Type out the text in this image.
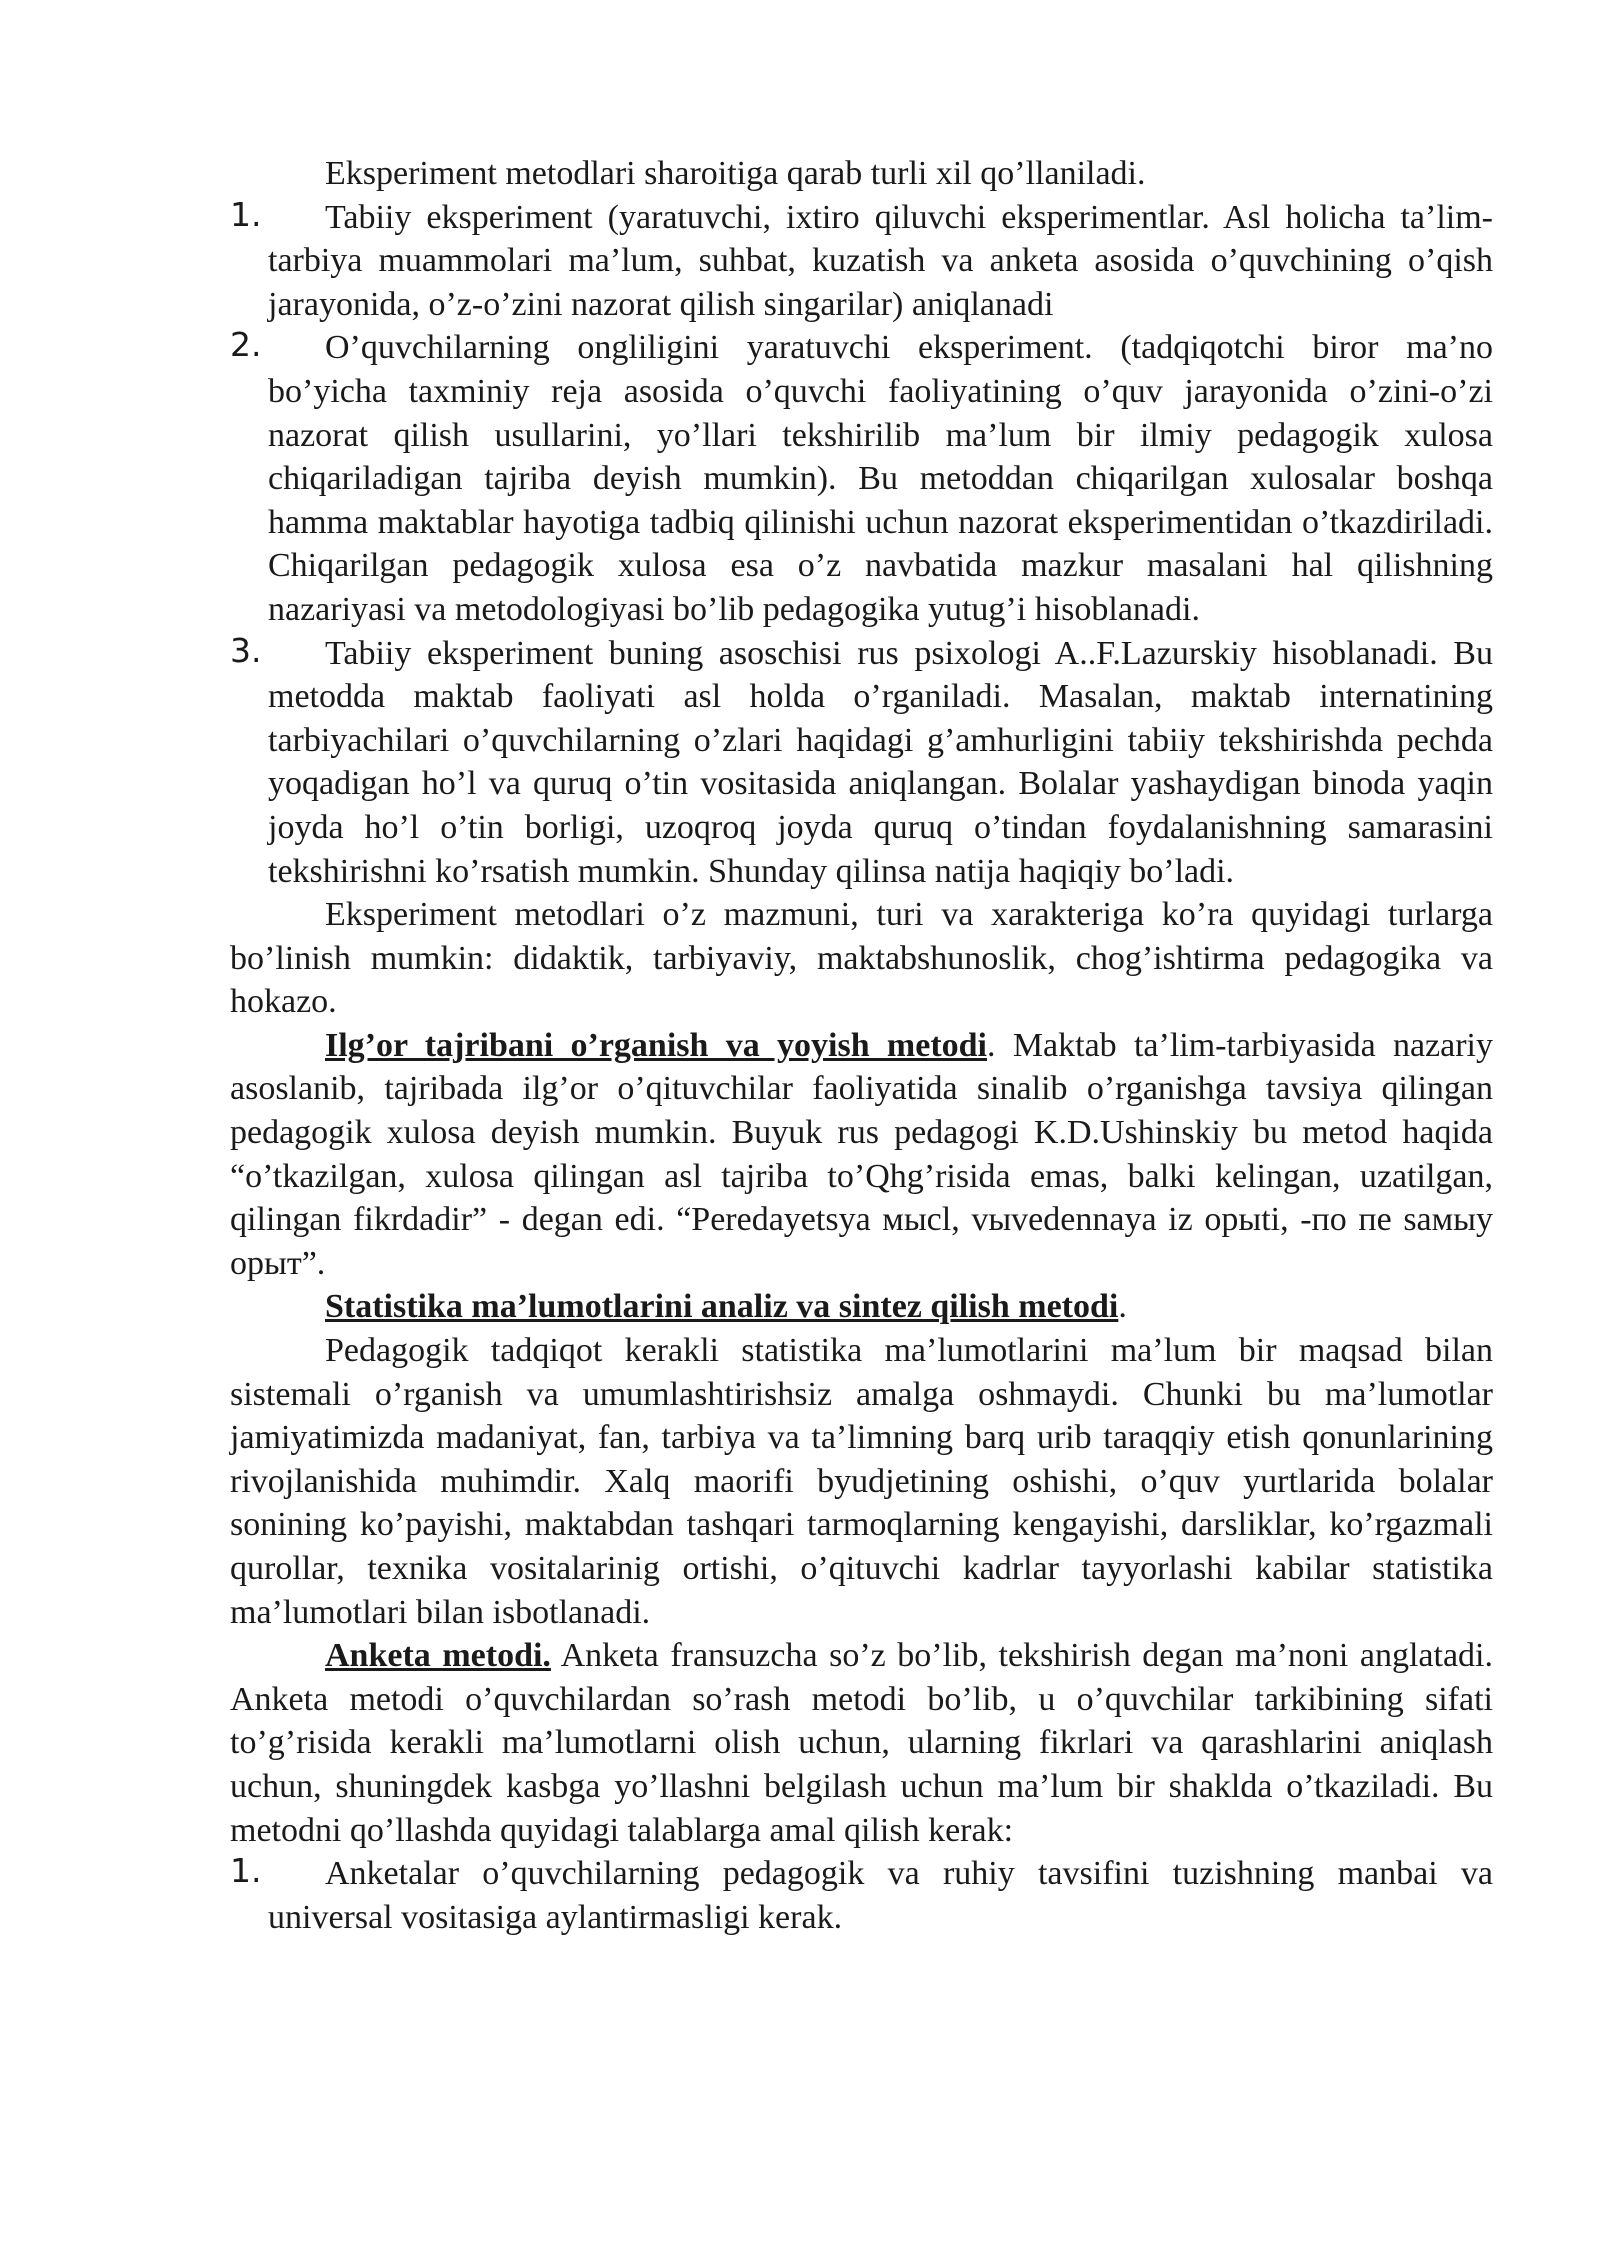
Eksperiment metodlari sharoitiga qarab turli xil qo’llaniladi.

1.	Tabiiy eksperiment (yaratuvchi, ixtiro qiluvchi eksperimentlar. Asl holicha ta’lim-tarbiya muammolari ma’lum, suhbat, kuzatish va anketa asosida o’quvchining o’qish jarayonida, o’z-o’zini nazorat qilish singarilar) aniqlanadi

2.	O’quvchilarning ongliligini yaratuvchi eksperiment. (tadqiqotchi biror ma’no bo’yicha taxminiy reja asosida o’quvchi faoliyatining o’quv jarayonida o’zini-o’zi nazorat qilish usullarini, yo’llari tekshirilib ma’lum bir ilmiy pedagogik xulosa chiqariladigan tajriba deyish mumkin). Bu metoddan chiqarilgan xulosalar boshqa hamma maktablar hayotiga tadbiq qilinishi uchun nazorat eksperimentidan o’tkazdiriladi. Chiqarilgan pedagogik xulosa esa o’z navbatida mazkur masalani hal qilishning nazariyasi va metodologiyasi bo’lib pedagogika yutug’i hisoblanadi.

3.	Tabiiy eksperiment buning asoschisi rus psixologi A..F.Lazurskiy hisoblanadi. Bu metodda maktab faoliyati asl holda o’rganiladi. Masalan, maktab internatining tarbiyachilari o’quvchilarning o’zlari haqidagi g’amhurligini tabiiy tekshirishda pechda yoqadigan ho’l va quruq o’tin vositasida aniqlangan. Bolalar yashaydigan binoda yaqin joyda ho’l o’tin borligi, uzoqroq joyda quruq o’tindan foydalanishning samarasini tekshirishni ko’rsatish mumkin. Shunday qilinsa natija haqiqiy bo’ladi.

Eksperiment metodlari o’z mazmuni, turi va xarakteriga ko’ra quyidagi turlarga bo’linish mumkin: didaktik, tarbiyaviy, maktabshunoslik, chog’ishtirma pedagogika va hokazo.

Ilg’or tajribani o’rganish va yoyish metodi. Maktab ta’lim-tarbiyasida nazariy asoslanib, tajribada ilg’or o’qituvchilar faoliyatida sinalib o’rganishga tavsiya qilingan pedagogik xulosa deyish mumkin. Buyuk rus pedagogi K.D.Ushinskiy bu metod haqida “o’tkazilgan, xulosa qilingan asl tajriba to’Qhg’risida emas, balki kelingan, uzatilgan, qilingan fikrdadir” - degan edi. “Peredayetsya мысl, vыvedennaya iz орыti, -по пе saмыу орыт”.

Statistika ma’lumotlarini analiz va sintez qilish metodi.

Pedagogik tadqiqot kerakli statistika ma’lumotlarini ma’lum bir maqsad bilan sistemali o’rganish va umumlashtirishsiz amalga oshmaydi. Chunki bu ma’lumotlar jamiyatimizda madaniyat, fan, tarbiya va ta’limning barq urib taraqqiy etish qonunlarining rivojlanishida muhimdir. Xalq maorifi byudjetining oshishi, o’quv yurtlarida bolalar sonining ko’payishi, maktabdan tashqari tarmoqlarning kengayishi, darsliklar, ko’rgazmali qurollar, texnika vositalarinig ortishi, o’qituvchi kadrlar tayyorlashi kabilar statistika ma’lumotlari bilan isbotlanadi.

Anketa metodi. Anketa fransuzcha so’z bo’lib, tekshirish degan ma’noni anglatadi. Anketa metodi o’quvchilardan so’rash metodi bo’lib, u o’quvchilar tarkibining sifati to’g’risida kerakli ma’lumotlarni olish uchun, ularning fikrlari va qarashlarini aniqlash uchun, shuningdek kasbga yo’llashni belgilash uchun ma’lum bir shaklda o’tkaziladi. Bu metodni qo’llashda quyidagi talablarga amal qilish kerak:

1.	Anketalar o’quvchilarning pedagogik va ruhiy tavsifini tuzishning manbai va universal vositasiga aylantirmasligi kerak.
